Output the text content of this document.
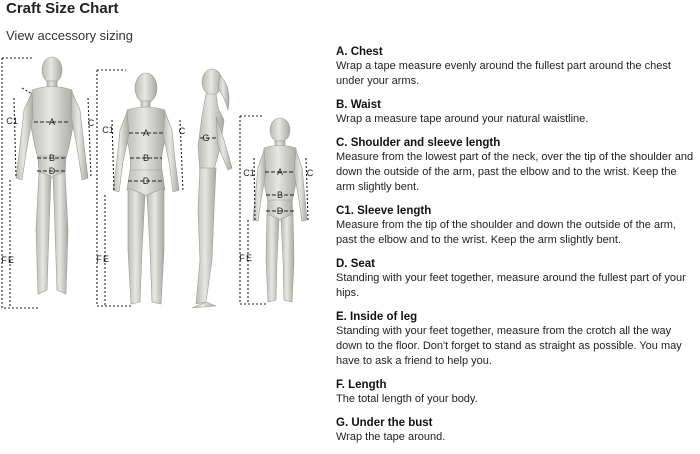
Craft Size Chart
View accessory sizing
A
B
D
C1	C
F E
A
B
D
C1	C
F E
G
A
B
D
C1	C
F E
A. Chest

Wrap a tape measure evenly around the fullest part around the chest under your arms.

B. Waist

Wrap a measure tape around your natural waistline.

C. Shoulder and sleeve length

Measure from the lowest part of the neck, over the tip of the shoulder and down the outside of the arm, past the elbow and to the wrist. Keep the arm slightly bent.

C1. Sleeve length

Measure from the tip of the shoulder and down the outside of the arm, past the elbow and to the wrist. Keep the arm slightly bent.

D. Seat

Standing with your feet together, measure around the fullest part of your hips.

E. Inside of leg

Standing with your feet together, measure from the crotch all the way down to the floor. Don't forget to stand as straight as possible. You may have to ask a friend to help you.

F. Length

The total length of your body.

G. Under the bust

Wrap the tape around.
